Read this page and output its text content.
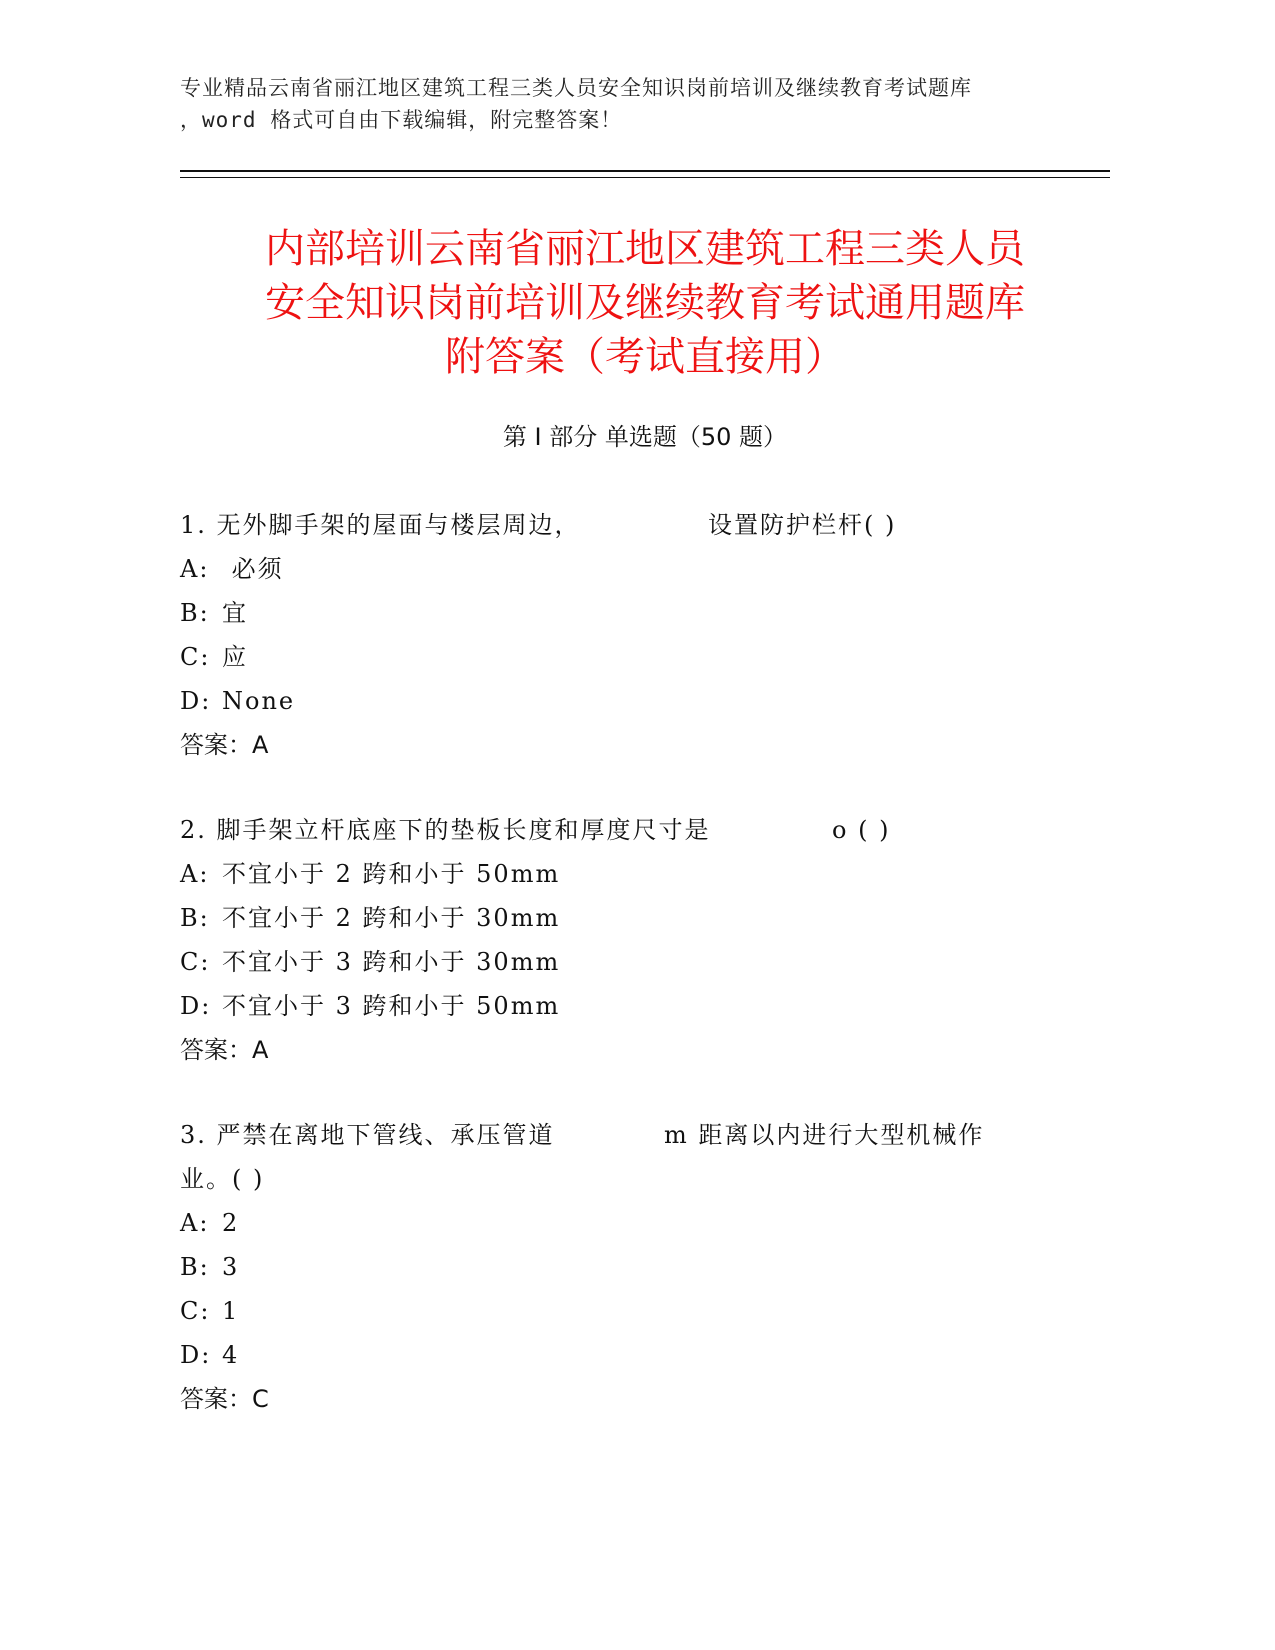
专业精品云南省丽江地区建筑工程三类人员安全知识岗前培训及继续教育考试题库
，word 格式可自由下载编辑，附完整答案！
内部培训云南省丽江地区建筑工程三类人员
安全知识岗前培训及继续教育考试通用题库
附答案（考试直接用）
第 I 部分 单选题（50 题）
1. 无外脚手架的屋面与楼层周边，	设置防护栏杆( )
A: 必须
B: 宜
C: 应
D: None
答案：A
2. 脚手架立杆底座下的垫板长度和厚度尺寸是	o ( )
A: 不宜小于 2 跨和小于 50mm
B: 不宜小于 2 跨和小于 30mm
C: 不宜小于 3 跨和小于 30mm
D: 不宜小于 3 跨和小于 50mm
答案：A
3. 严禁在离地下管线、承压管道	m 距离以内进行大型机械作
业。( )
A: 2
B: 3
C: 1
D: 4
答案：C
